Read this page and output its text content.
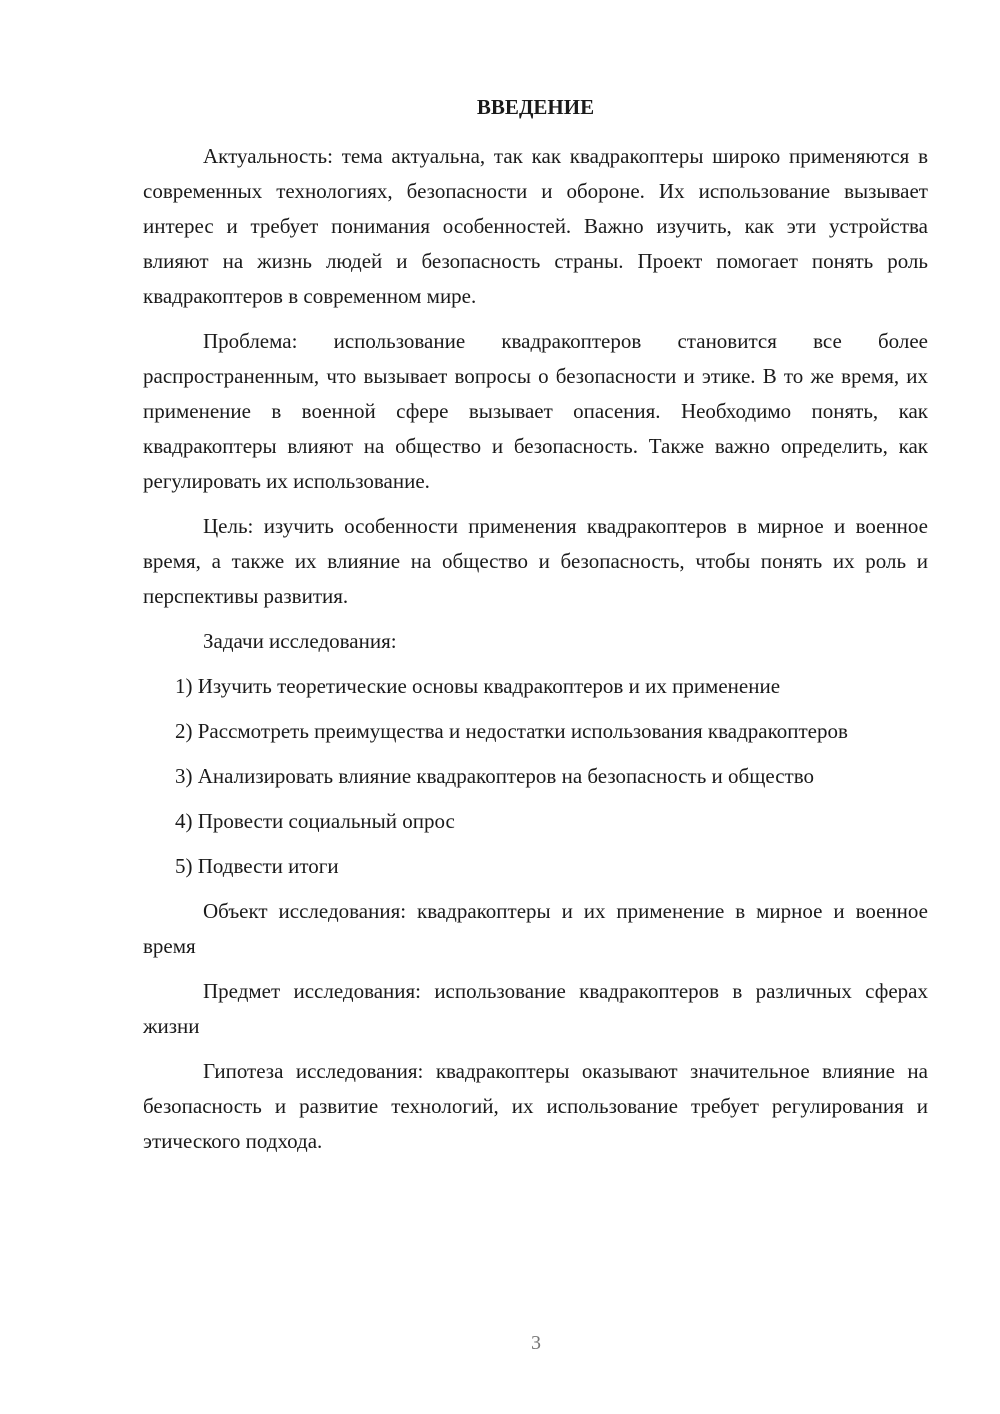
ВВЕДЕНИЕ

Актуальность: тема актуальна, так как квадракоптеры широко применяются в современных технологиях, безопасности и обороне. Их использование вызывает интерес и требует понимания особенностей. Важно изучить, как эти устройства влияют на жизнь людей и безопасность страны. Проект помогает понять роль квадракоптеров в современном мире.

Проблема: использование квадракоптеров становится все более распространенным, что вызывает вопросы о безопасности и этике. В то же время, их применение в военной сфере вызывает опасения. Необходимо понять, как квадракоптеры влияют на общество и безопасность. Также важно определить, как регулировать их использование.

Цель: изучить особенности применения квадракоптеров в мирное и военное время, а также их влияние на общество и безопасность, чтобы понять их роль и перспективы развития.

Задачи исследования:

1) Изучить теоретические основы квадракоптеров и их применение

2) Рассмотреть преимущества и недостатки использования квадракоптеров

3) Анализировать влияние квадракоптеров на безопасность и общество

4) Провести социальный опрос

5) Подвести итоги

Объект исследования: квадракоптеры и их применение в мирное и военное время

Предмет исследования: использование квадракоптеров в различных сферах жизни

Гипотеза исследования: квадракоптеры оказывают значительное влияние на безопасность и развитие технологий, их использование требует регулирования и этического подхода.

3
